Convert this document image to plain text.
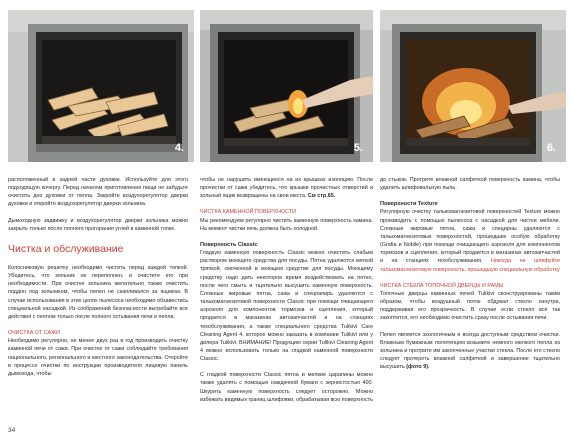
4.	5.	6.

расположенный в задней части духовки. Используйте для этого подходящую кочергу. Перед началом приготовления пищи не забудьте очистить дно духовки от пепла. Закройте воздухорегулятор дверки духовки и откройте воздухорегулятор дверки зольника.

Дымоходную задвижку и воздухорегулятор дверки зольника можно закрыть только после полного прогорания углей в каминной топке.

Чистка и обслуживание

Колосниковую решетку необходимо чистить перед каждой топкой. Убедитесь, что зольник не переполнен, и очистите его при необходимости. При очистке зольника желательно также очистить поддон под зольником, чтобы пепел не скапливался за ящиком. В случае использования в этих целях пылесоса необходимо обзавестись специальной насадкой. Из соображений безопасности выгребайте все действия с пеплом только после полного остывания печи и пепла.

ОЧИСТКА ОТ САЖИ

Необходимо регулярно, не менее двух раз в год производить очистку каминной печи от сажи. При очистке от сажи соблюдайте требования национального, регионального и местного законодательства. Откройте в процессе очистки по инструкции производителя лицевую панель дымохода, чтобы

чтобы не нарушить имеющееся на их крышках изоляцию. После прочистки от сажи убедитесь, что крышки прочистных отверстий и зольный ящик возвращены на свои места. См стр.65.

ЧИСТКА КАМЕННОЙ ПОВЕРХНОСТИ

Мы рекомендуем регулярно чистить каменную поверхность камина. На момент чистки печь должна быть холодной.

Поверхность Classic

Гладкую каменную поверхность Classic можно очистить слабым раствором моющего средства для посуды. Пятна удаляются мягкой тряпкой, смоченной в моющем средстве для посуды. Моющему средству надо дать некоторое время воздействовать на пятно, после чего смыть и тщательно высушить каменную поверхность. Сложные жировые пятна, сажа и спецпапирь удаляются с талькомагнезитовой поверхности Classic при помощи очищающего аэрозоля для компонентов тормозов и сцепления, который продается в магазинах автозапчастей и на станциях техобслуживания, а также специального средства Tulikivi Care Cleaning Agent 4, которое можно заказать в компании Tulikivi или у дилера Tulikivi. ВНИМАНИЕ! Продукцию серии Tulikivi Cleaning Agent 4 можно использовать только на гладкой каменной поверхности Classic.

С гладкой поверхности Classic пятна и мелкие царапины можно также удалять с помощью наждачной бумаги с зернистостью 400. Шкурить каменную поверхность следует осторожно. Можно избежать видимых границ шлифовки, обрабатывая всю поверхность

до стыков. Протрите влажной салфеткой поверхность камина, чтобы удалить шлифовальную пыль.

Поверхности Texture

Регулярную очистку талькомагнезитовой поверхностей Texture можно производить с помощью пылесоса с насадкой для чистки мебели. Сложные жировые пятна, сажа и специрны удаляются с талькомагнезитовых поверхностей, прошедших особую обработку (Grafia и Nobile) при помощи очищающего аэрозоля для компонентов тормозов и сцепления, который продается в магазинах автозапчастей и на станциях техобслуживания. Никогда не шлифуйте талькомагнезитовую поверхность, прошедшую специальную обработку

ЧИСТКА СТЕКЛА ТОПОЧНОЙ ДВЕРЦЫ И РАМЫ

Топочные дверцы каминных печей Tulikivi сконструированы таким образом, чтобы воздушный поток обдувал стекло изнутри, поддерживая его прозрачность. В случае если стекло всё так закоптится, его необходимо очистить сразу после остывания печи.

Пепел является экологичным и всегда доступным средством очистки. Влажным бумажным полотенцем возьмите немного мелкого пепла из зольника и протрите им закопченные участки стекла. После его стекло следует протереть влажной салфеткой и завершение тщательно высушить (фото 9).

34
